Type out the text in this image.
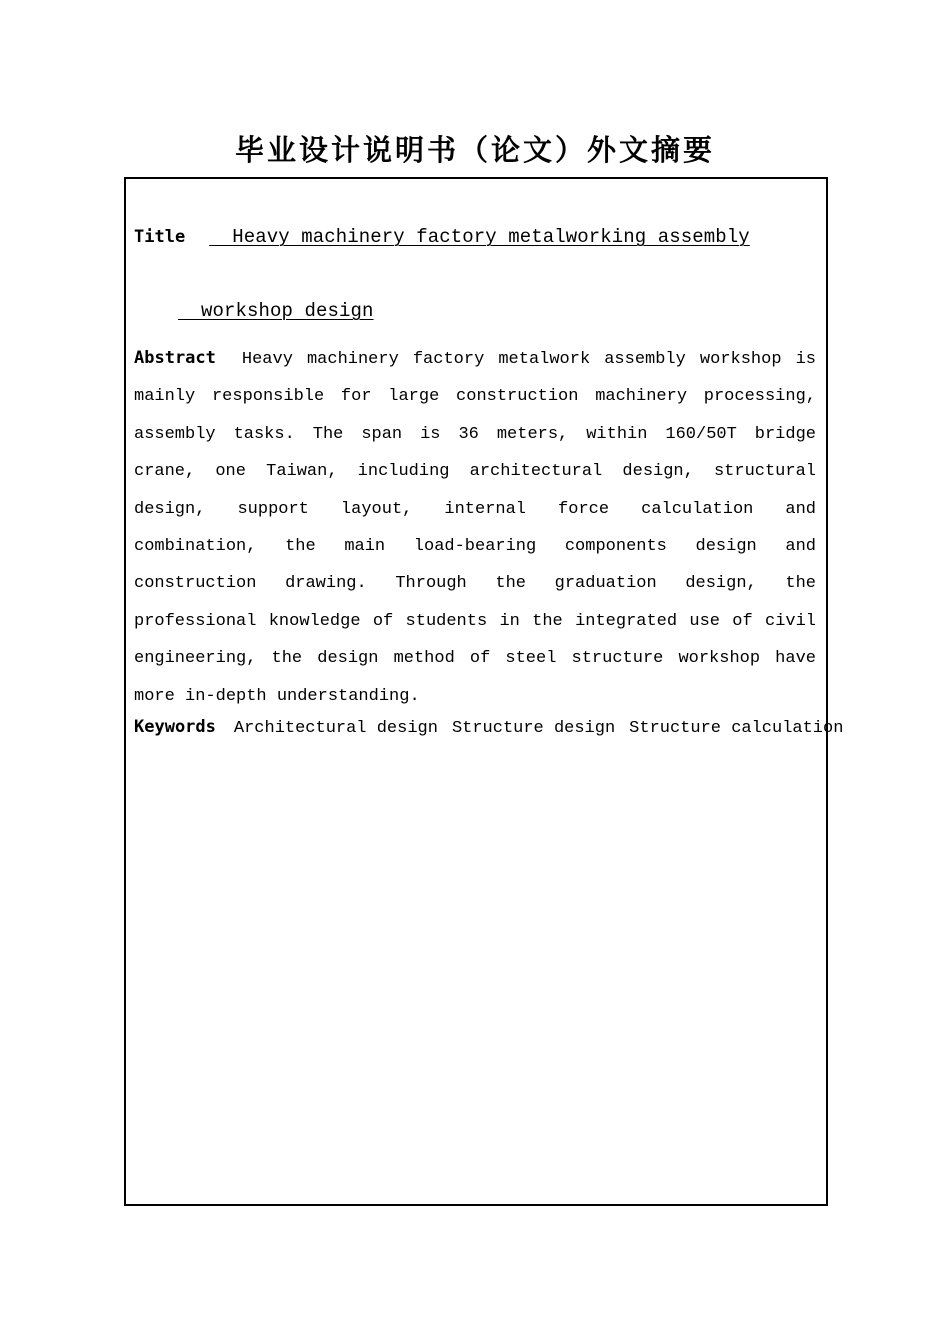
毕业设计说明书（论文）外文摘要
Title  Heavy machinery factory metalworking assembly
workshop design
Abstract Heavy machinery factory metalwork assembly workshop is mainly responsible for large construction machinery processing, assembly tasks. The span is 36 meters, within 160/50T bridge crane, one Taiwan, including architectural design, structural design, support layout, internal force calculation and combination, the main load-bearing components design and construction drawing. Through the graduation design, the professional knowledge of students in the integrated use of civil engineering, the design method of steel structure workshop have more in-depth understanding.
Keywords Architectural design Structure design Structure calculation
